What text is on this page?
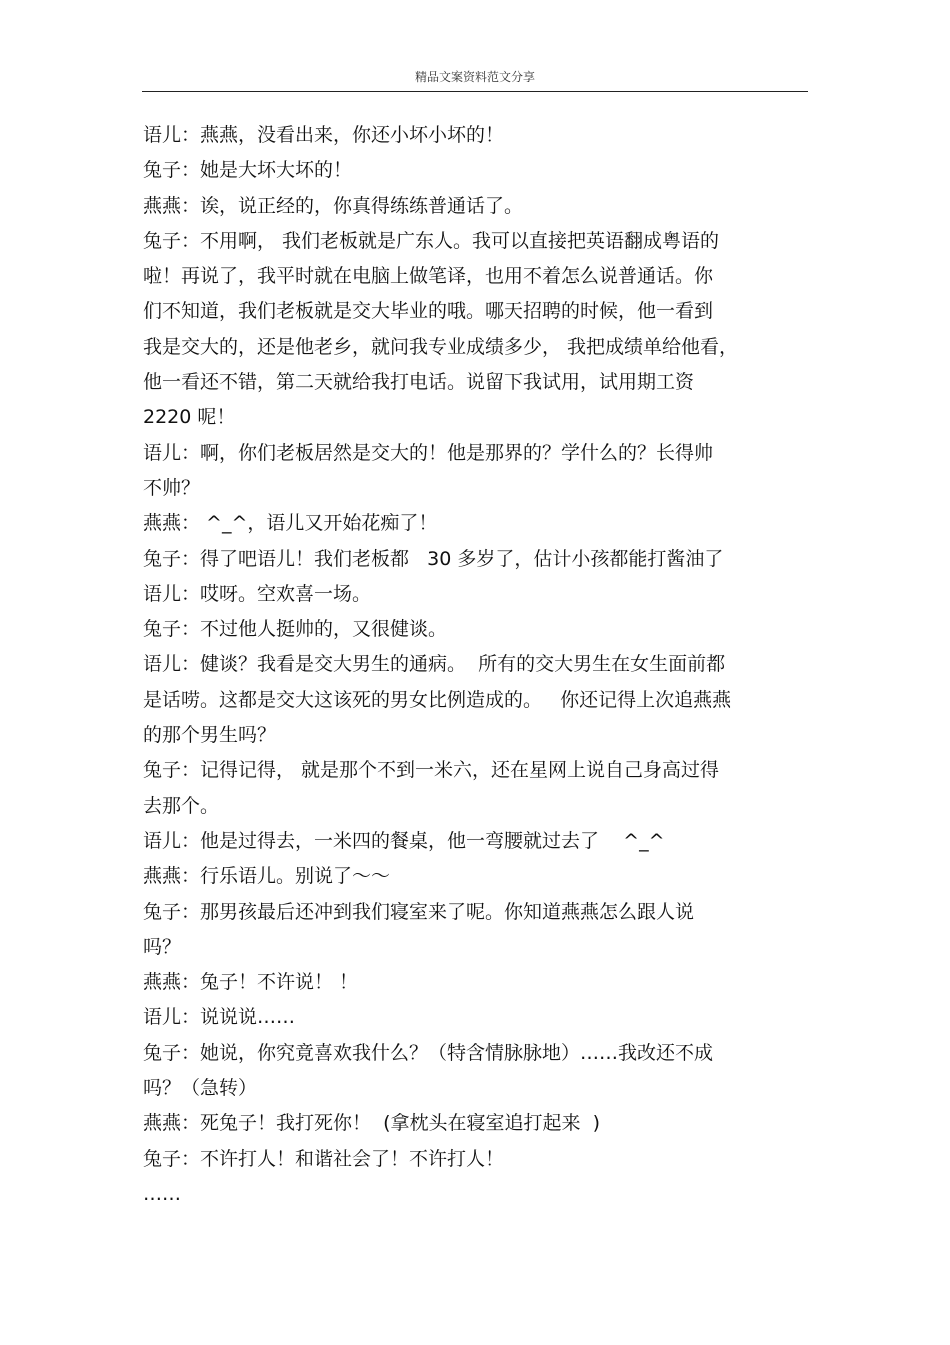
精品文案资料范文分享
语儿：燕燕，没看出来，你还小坏小坏的！
兔子：她是大坏大坏的！
燕燕：诶，说正经的，你真得练练普通话了。
兔子：不用啊， 我们老板就是广东人。我可以直接把英语翻成粤语的
啦！再说了，我平时就在电脑上做笔译，也用不着怎么说普通话。你
们不知道，我们老板就是交大毕业的哦。哪天招聘的时候，他一看到
我是交大的，还是他老乡，就问我专业成绩多少， 我把成绩单给他看，
他一看还不错，第二天就给我打电话。说留下我试用，试用期工资
2220 呢！
语儿：啊，你们老板居然是交大的！他是那界的？学什么的？长得帅
不帅？
燕燕： ^_^，语儿又开始花痴了！
兔子：得了吧语儿！我们老板都   30 多岁了，估计小孩都能打酱油了
语儿：哎呀。空欢喜一场。
兔子：不过他人挺帅的，又很健谈。
语儿：健谈？我看是交大男生的通病。  所有的交大男生在女生面前都
是话唠。这都是交大这该死的男女比例造成的。   你还记得上次追燕燕
的那个男生吗？
兔子：记得记得， 就是那个不到一米六，还在星网上说自己身高过得
去那个。
语儿：他是过得去，一米四的餐桌，他一弯腰就过去了    ^_^
燕燕：行乐语儿。别说了～～
兔子：那男孩最后还冲到我们寝室来了呢。你知道燕燕怎么跟人说
吗？
燕燕：兔子！不许说！ ！
语儿：说说说……
兔子：她说，你究竟喜欢我什么？（特含情脉脉地）……我改还不成
吗？（急转）
燕燕：死兔子！我打死你！  (拿枕头在寝室追打起来  )
兔子：不许打人！和谐社会了！不许打人！
……
